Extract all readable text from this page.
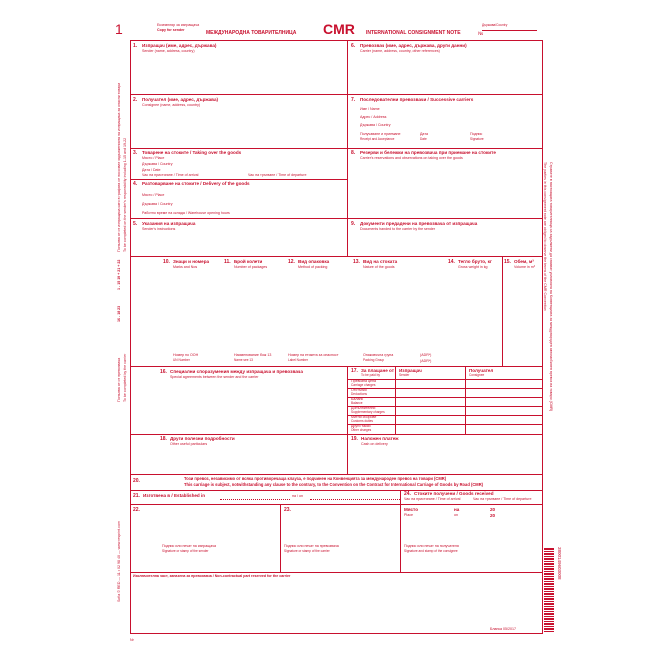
1	Екземпляр за изпращача
Copy for sender	МЕЖДУНАРОДНА ТОВАРИТЕЛНИЦА CMR INTERNATIONAL CONSIGNMENT NOTE	№
Държава/Country
1. Изпращач (име, адрес, държава)
Sender (name, address, country)
6. Превозвач (име, адрес, държава, други данни)
Carrier (name, address, country, other references)
2. Получател (име, адрес, държава)
Consignee (name, address, country)
7. Последователни превозвачи / Successive carriers
Име / Name
Адрес / Address
Държава / Country
Получаване и приемане
Receipt and Acceptance
Дата
Date
Подпис
Signature
3. Товарене на стоките / Taking over the goods
Място / Place
Държава / Country
Дата / Date
Час на пристигане / Time of arrival	Час на тръгване / Time of departure
8. Резерви и бележки на превозвача при приемане на стоките
Carrier's reservations and observations on taking over the goods
4. Разтоварване на стоките / Delivery of the goods
Място / Place
Държава / Country
Работно време на склада / Warehouse opening hours
5. Указания на изпращача
Sender's instructions
9. Документи предадени на превозвача от изпращача
Documents handed to the carrier by the sender
10. Знаци и номера
Marks and Nos
11. Брой колети
Number of packages
12. Вид опаковка
Method of packing
13. Вид на стоката
Nature of the goods
14. Тегло бруто, кг
Gross weight in kg
15. Обем, м³
Volume in m³
Номер по ООН
UN Number
Наименование бож 13
Name see 13
Номер на етикета за опасност
Label Number
Опаковъчна група
Packing Group
(ADR*)
(ADR*)
16. Специални споразумения между изпращача и превозвача
Special agreements between the sender and the carrier
17. За плащане от
To be paid by
Изпращач
Sender
Получател
Consignee
Превозна цена
Carriage charges
Отстъпки
Deductions
Баланс
Balance
Допълнителни
Supplementary charges
Митни сборове
Customs duties
Други такси
Other charges
18. Други полезни подробности
Other useful particulars
19. Наложен платеж
Cash on delivery
20.	Този превоз, независимо от всяка противоречаща клауза, е подчинен на Конвенцията за международен превоз на товари (CMR)
This carriage is subject, notwithstanding any clause to the contrary, to the Convention on the Contract for International Carriage of Goods by Road (CMR)
21. Изготвена в / Established in	на / on	24. Стоките получени / Goods received
Час на пристигане / Time of arrival	Час на тръгване / Time of departure
Място
Place
на
on
20
20
Подпис или печат на получателя
Signature and stamp of the consignee
22.
Подпис или печат на изпращача
Signature or stamp of the sender
23.
Подпис или печат на превозвача
Signature or stamp of the carrier
Изключителна част, запазена за превозвача / Non-contractual part reserved for the carrier
Nr
Бланка 05/2017
Попълва се от изпращача като в графата се посочват задълженията на изпращача за опасни товари To be completed on the sender's responsibility including 1-15 and 19-22
1 - 15 19 + 21 + 22
Попълва се от превозвача To be completed by the carrier
16 - 18 23
Sofia © RED — 11 • 02 98 40 — www.resprint.com
Страните в настоящата товарителница са задължени да спазват условията на Конвенцията за международен автомобилен превоз на товари (CMR)
The parties in this consignment note are obliged to observe the terms of the CMR Convention
3800149603008
